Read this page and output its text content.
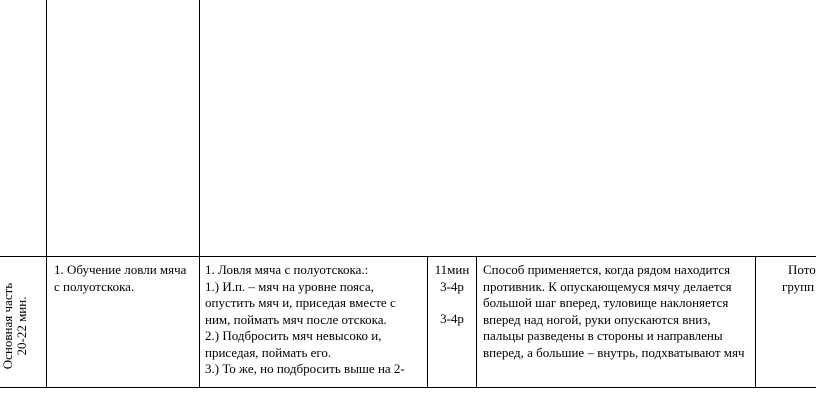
Основная часть 20-22 мин.
1. Обучение ловли мяча с полуотскока.
1. Ловля мяча с полуотскока.:
1.) И.п. – мяч на уровне пояса, опустить мяч и, приседая вместе с ним, поймать мяч после отскока.
2.) Подбросить мяч невысоко и, приседая, поймать его.
3.) То же, но подбросить выше на 2-
11мин
3-4р
3-4р
Способ применяется, когда рядом находится противник. К опускающемуся мячу делается большой шаг вперед, туловище наклоняется вперед над ногой, руки опускаются вниз, пальцы разведены в стороны и направлены вперед, а большие – внутрь, подхватывают мяч
Пото
групп
